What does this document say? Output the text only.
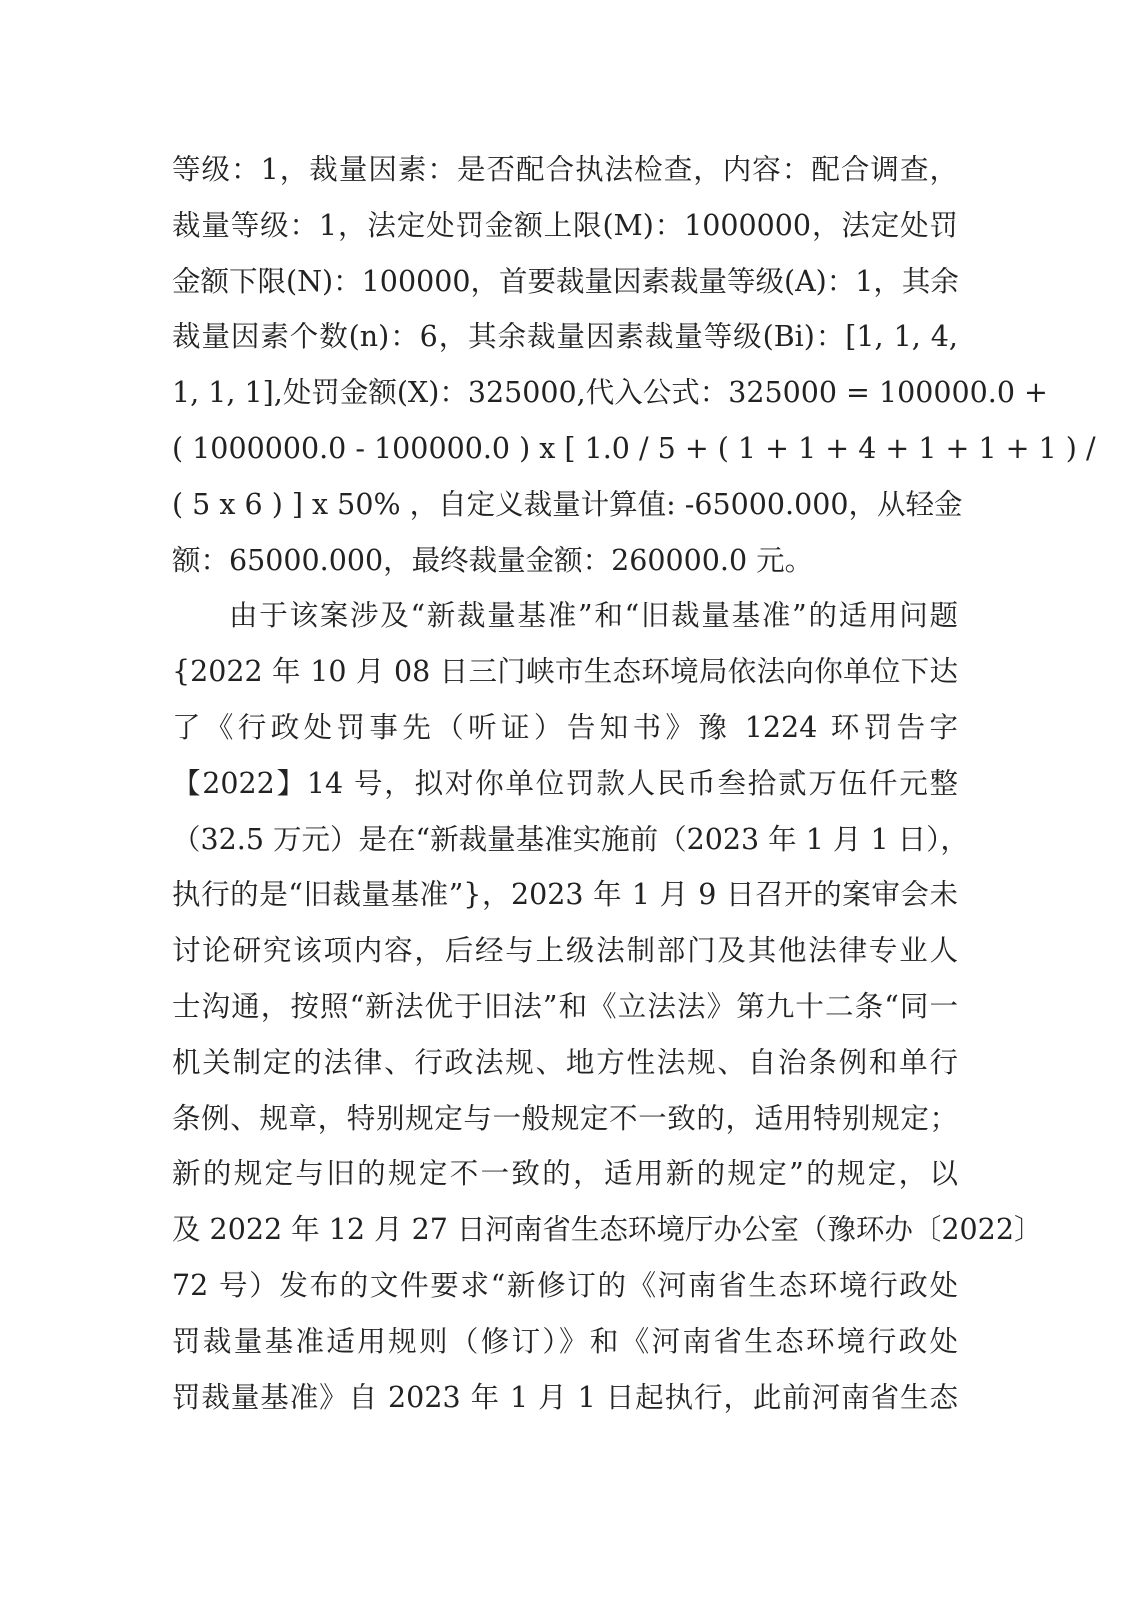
等级：1，裁量因素：是否配合执法检查，内容：配合调查，
裁量等级：1，法定处罚金额上限(M)：1000000，法定处罚
金额下限(N)：100000，首要裁量因素裁量等级(A)：1，其余
裁量因素个数(n)：6，其余裁量因素裁量等级(Bi)：[1, 1, 4,
1, 1, 1],处罚金额(X)：325000,代入公式：325000 = 100000.0 +
( 1000000.0 - 100000.0 ) x [ 1.0 / 5 + ( 1 + 1 + 4 + 1 + 1 + 1 ) /
( 5 x 6 ) ] x 50% ，自定义裁量计算值: -65000.000，从轻金
额：65000.000，最终裁量金额：260000.0 元。
由于该案涉及“新裁量基准”和“旧裁量基准”的适用问题
{2022 年 10 月 08 日三门峡市生态环境局依法向你单位下达
了《行政处罚事先（听证）告知书》豫 1224 环罚告字
【2022】14 号，拟对你单位罚款人民币叁拾贰万伍仟元整
（32.5 万元）是在“新裁量基准实施前（2023 年 1 月 1 日），
执行的是“旧裁量基准”}，2023 年 1 月 9 日召开的案审会未
讨论研究该项内容，后经与上级法制部门及其他法律专业人
士沟通，按照“新法优于旧法”和《立法法》第九十二条“同一
机关制定的法律、行政法规、地方性法规、自治条例和单行
条例、规章，特别规定与一般规定不一致的，适用特别规定；
新的规定与旧的规定不一致的，适用新的规定”的规定，以
及 2022 年 12 月 27 日河南省生态环境厅办公室（豫环办〔2022〕
72 号）发布的文件要求“新修订的《河南省生态环境行政处
罚裁量基准适用规则（修订）》和《河南省生态环境行政处
罚裁量基准》自 2023 年 1 月 1 日起执行，此前河南省生态
